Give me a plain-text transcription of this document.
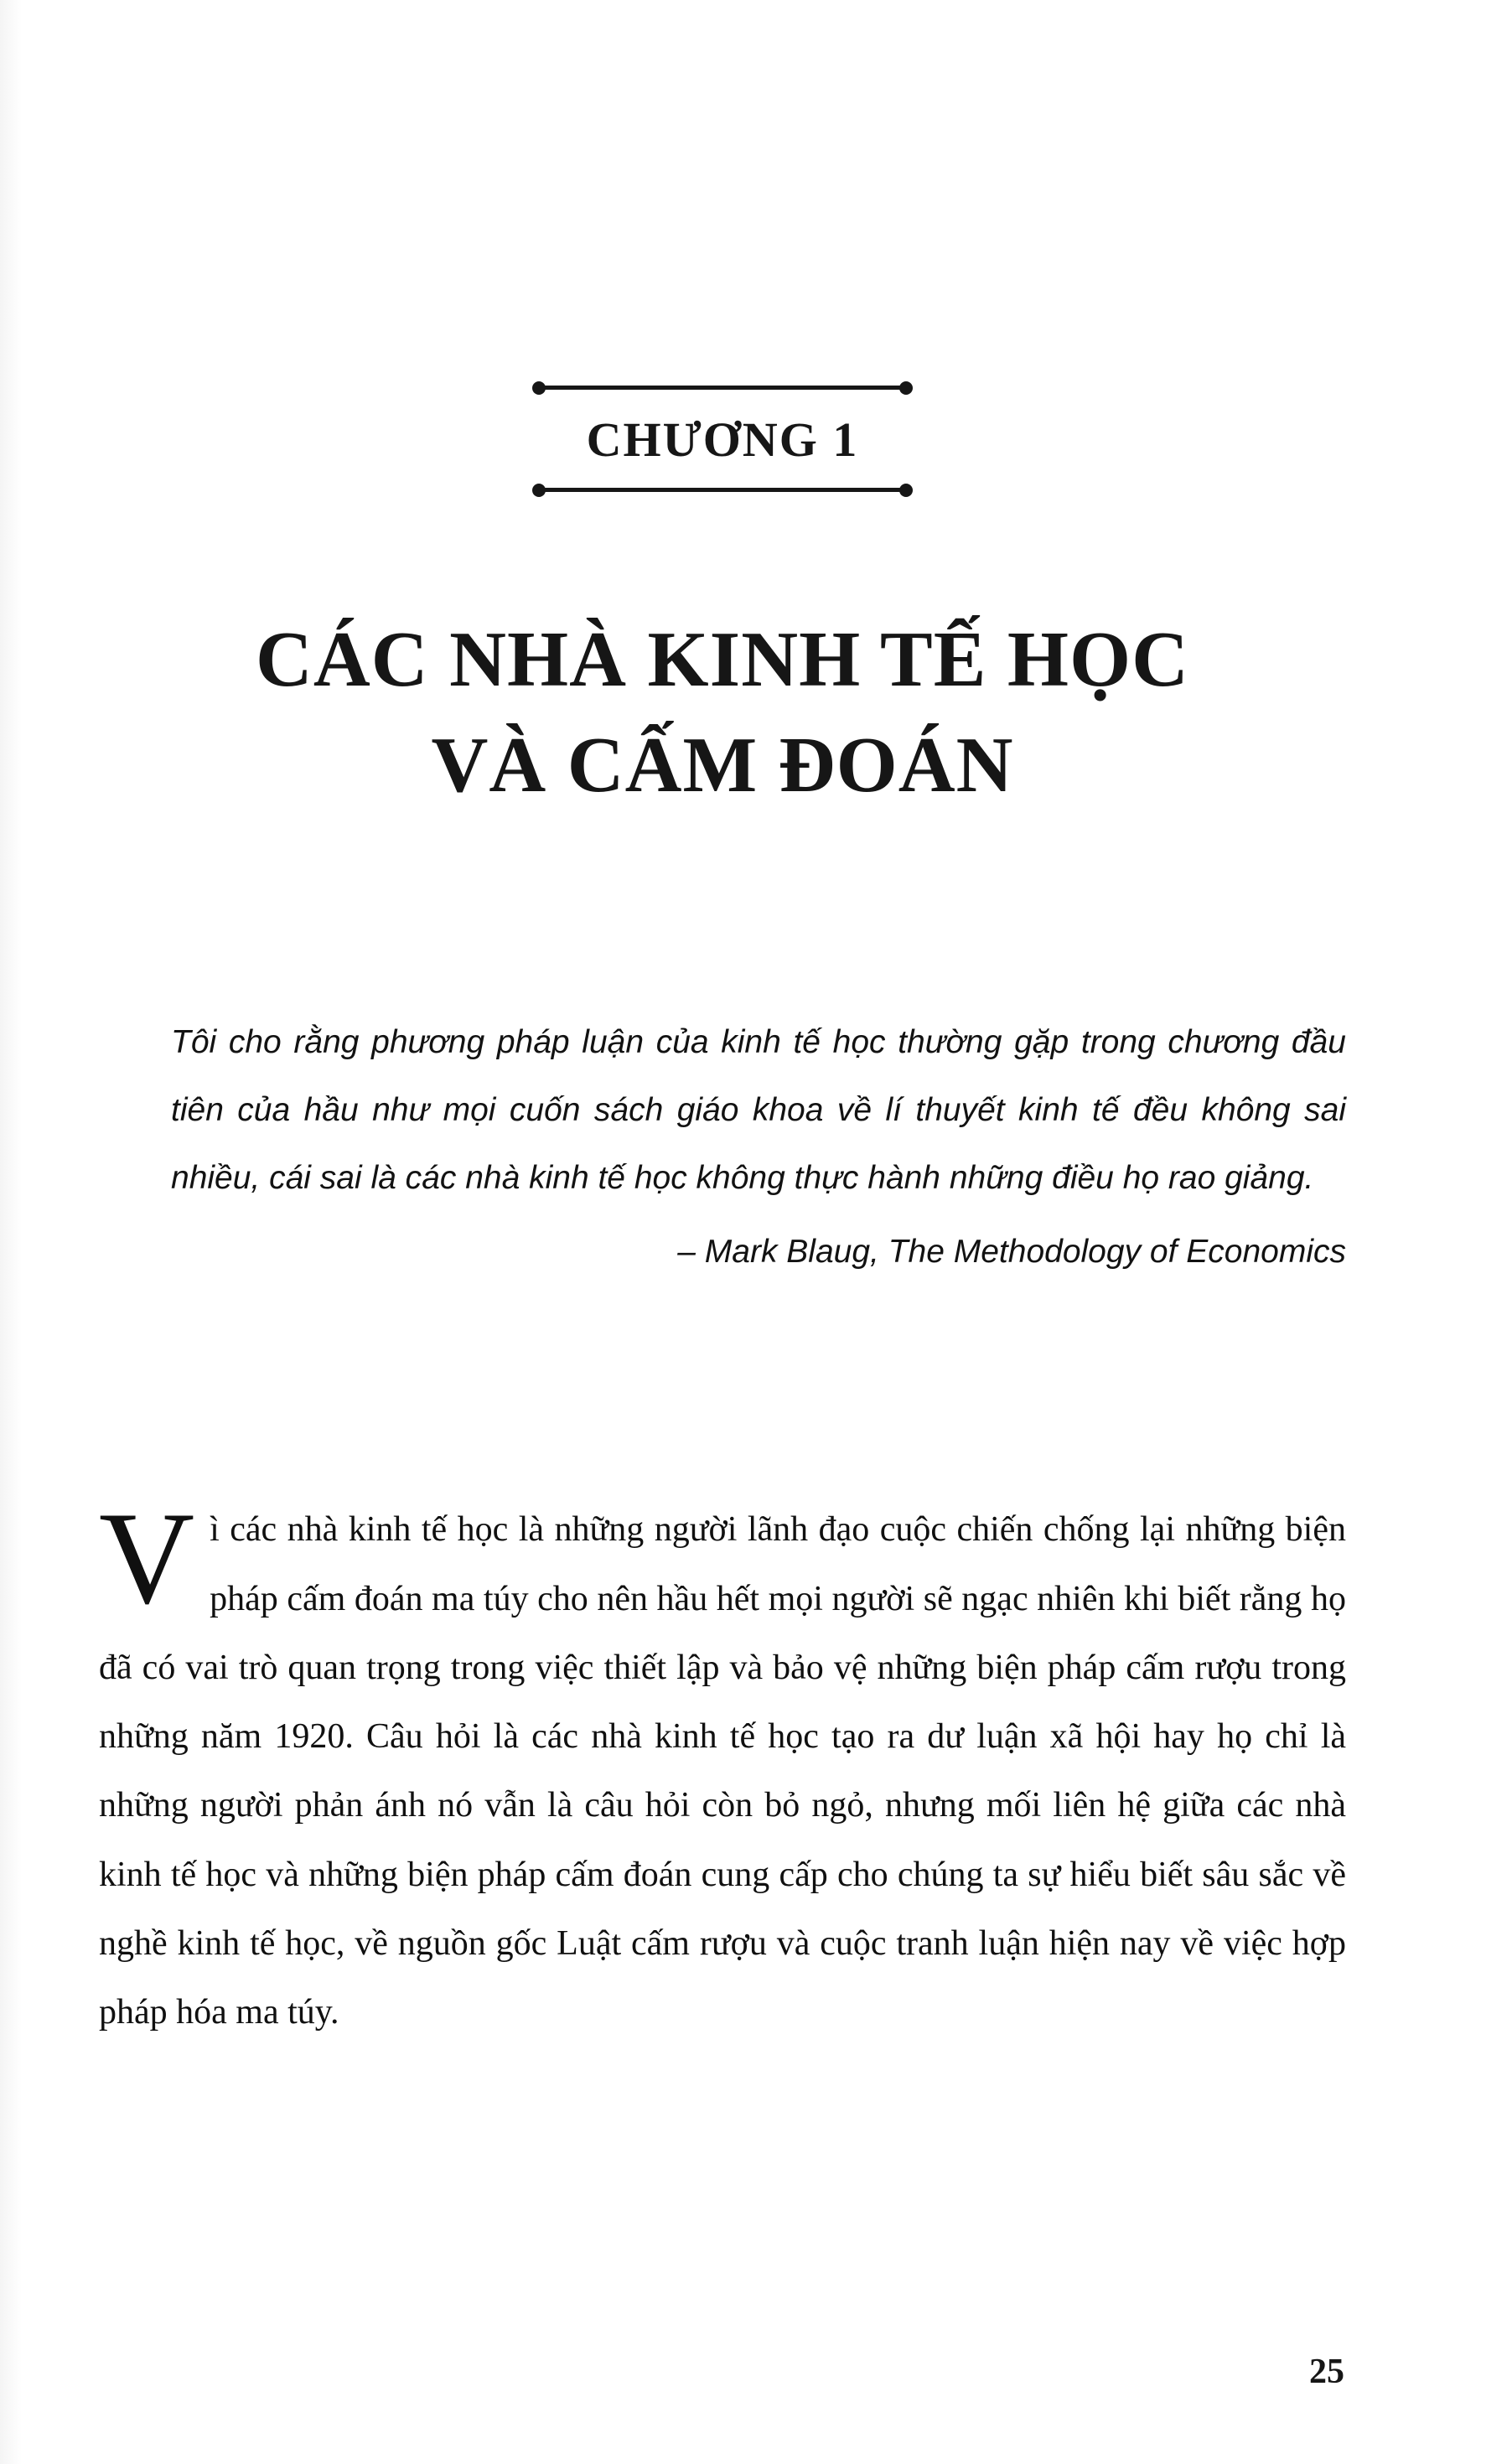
CHƯƠNG 1
CÁC NHÀ KINH TẾ HỌC
VÀ CẤM ĐOÁN

Tôi cho rằng phương pháp luận của kinh tế học thường gặp trong chương đầu tiên của hầu như mọi cuốn sách giáo khoa về lí thuyết kinh tế đều không sai nhiều, cái sai là các nhà kinh tế học không thực hành những điều họ rao giảng.

– Mark Blaug, The Methodology of Economics

Vì các nhà kinh tế học là những người lãnh đạo cuộc chiến chống lại những biện pháp cấm đoán ma túy cho nên hầu hết mọi người sẽ ngạc nhiên khi biết rằng họ đã có vai trò quan trọng trong việc thiết lập và bảo vệ những biện pháp cấm rượu trong những năm 1920. Câu hỏi là các nhà kinh tế học tạo ra dư luận xã hội hay họ chỉ là những người phản ánh nó vẫn là câu hỏi còn bỏ ngỏ, nhưng mối liên hệ giữa các nhà kinh tế học và những biện pháp cấm đoán cung cấp cho chúng ta sự hiểu biết sâu sắc về nghề kinh tế học, về nguồn gốc Luật cấm rượu và cuộc tranh luận hiện nay về việc hợp pháp hóa ma túy.

25
